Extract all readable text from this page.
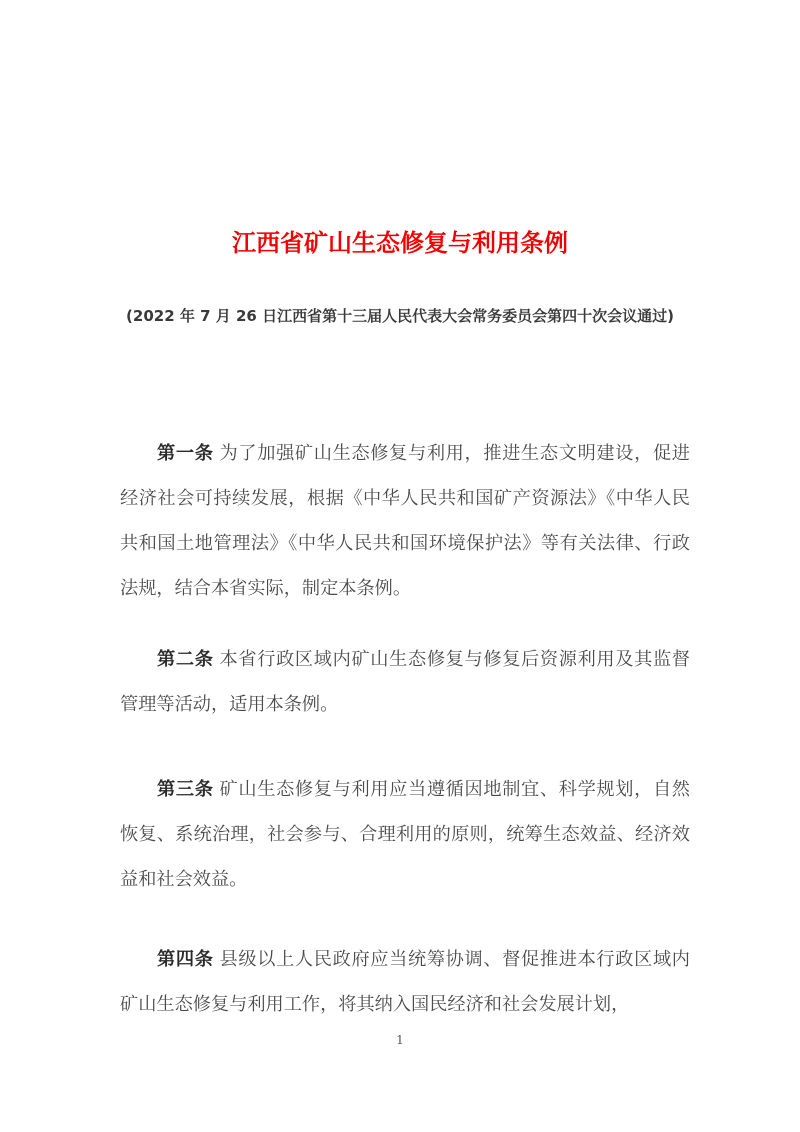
江西省矿山生态修复与利用条例
(2022 年 7 月 26 日江西省第十三届人民代表大会常务委员会第四十次会议通过)

第一条 为了加强矿山生态修复与利用，推进生态文明建设，促进经济社会可持续发展，根据《中华人民共和国矿产资源法》《中华人民共和国土地管理法》《中华人民共和国环境保护法》等有关法律、行政法规，结合本省实际，制定本条例。

第二条 本省行政区域内矿山生态修复与修复后资源利用及其监督管理等活动，适用本条例。

第三条 矿山生态修复与利用应当遵循因地制宜、科学规划，自然恢复、系统治理，社会参与、合理利用的原则，统筹生态效益、经济效益和社会效益。

第四条 县级以上人民政府应当统筹协调、督促推进本行政区域内矿山生态修复与利用工作，将其纳入国民经济和社会发展计划，

1
